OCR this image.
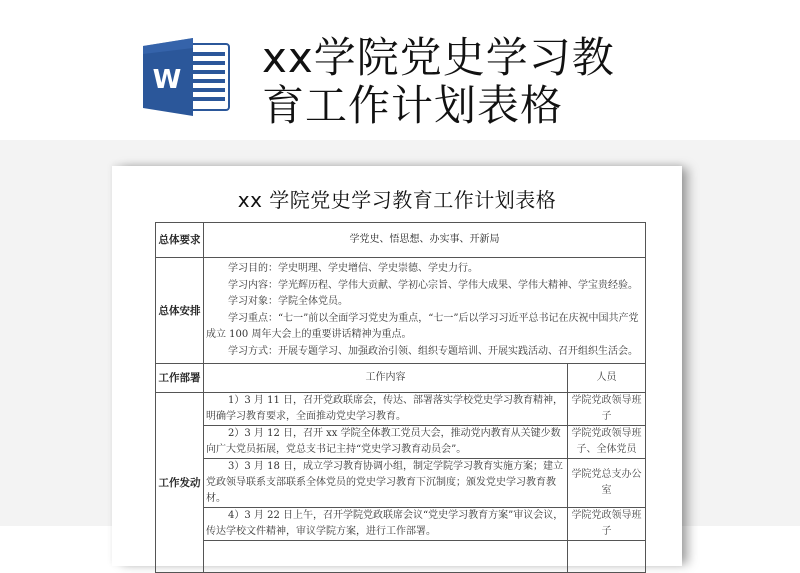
W xx学院党史学习教
育工作计划表格
xx 学院党史学习教育工作计划表格
总体要求	学党史、悟思想、办实事、开新局	
总体安排	学习目的：学史明理、学史增信、学史崇德、学史力行。

学习内容：学光辉历程、学伟大贡献、学初心宗旨、学伟大成果、学伟大精神、学宝贵经验。

学习对象：学院全体党员。

学习重点：“七一”前以全面学习党史为重点，“七一”后以学习习近平总书记在庆祝中国共产党成立 100 周年大会上的重要讲话精神为重点。

学习方式：开展专题学习、加强政治引领、组织专题培训、开展实践活动、召开组织生活会。	

工作部署	工作内容	人员
工作发动	1）3 月 11 日，召开党政联席会，传达、部署落实学校党史学习教育精神，明确学习教育要求，全面推动党史学习教育。	学院党政领导班子
	2）3 月 12 日，召开 xx 学院全体教工党员大会，推动党内教育从关键少数向广大党员拓展，党总支书记主持“党史学习教育动员会”。	学院党政领导班子、全体党员
	3）3 月 18 日，成立学习教育协调小组，制定学院学习教育实施方案；建立党政领导联系支部联系全体党员的党史学习教育下沉制度；颁发党史学习教育教材。	学院党总支办公室
	4）3 月 22 日上午，召开学院党政联席会议“党史学习教育方案”审议会议，传达学校文件精神，审议学院方案，进行工作部署。	学院党政领导班子
